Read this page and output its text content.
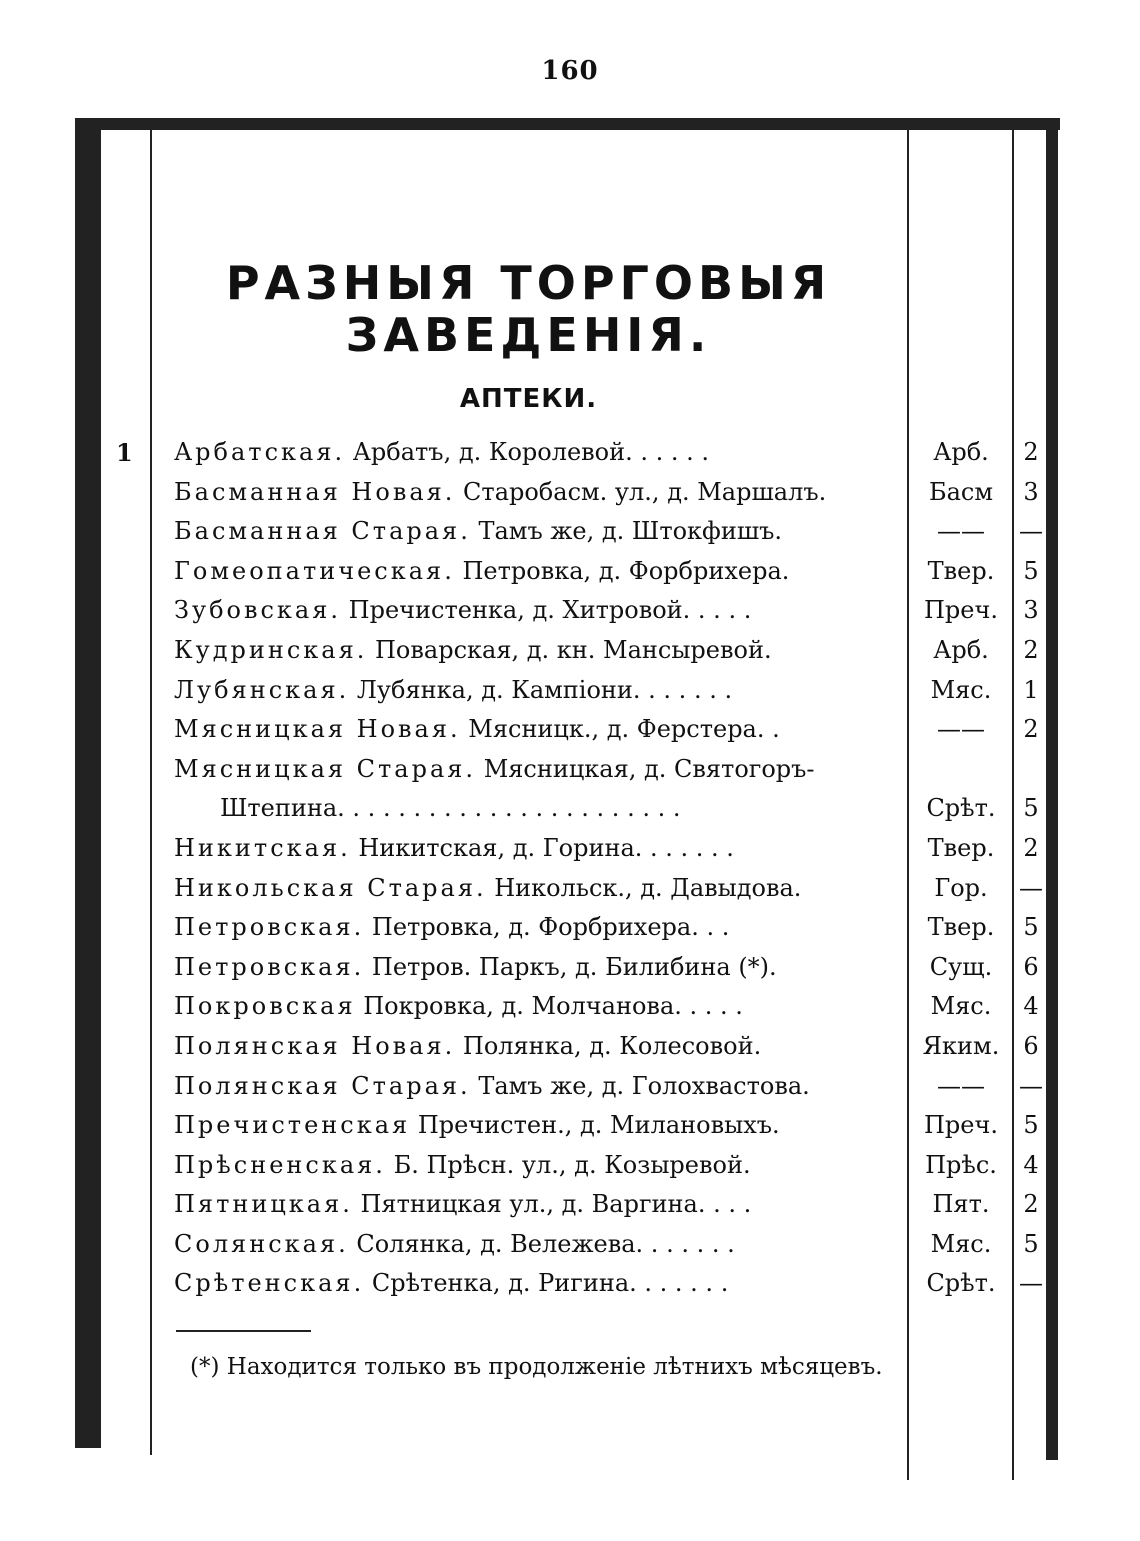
160
РАЗНЫЯ ТОРГОВЫЯ
ЗАВЕДЕНІЯ.
АПТЕКИ.
1 Арбатская. Арбатъ, д. Королевой. . . . . .	Арб.	2
Басманная Новая. Старобасм. ул., д. Маршалъ.	Басм	3
Басманная Старая. Тамъ же, д. Штокфишъ.	——	—
Гомеопатическая. Петровка, д. Форбрихера.	Твер.	5
Зубовская. Пречистенка, д. Хитровой. . . . .	Преч.	3
Кудринская. Поварская, д. кн. Мансыревой.	Арб.	2
Лубянская. Лубянка, д. Кампіони. . . . . . .	Мяс.	1
Мясницкая Новая. Мясницк., д. Ферстера. .	——	2
Мясницкая Старая. Мясницкая, д. Святогоръ-
Штепина. . . . . . . . . . . . . . . . . . . . . . .	Срѣт.	5
Никитская. Никитская, д. Горина. . . . . . .	Твер.	2
Никольская Старая. Никольск., д. Давыдова.	Гор.	—
Петровская. Петровка, д. Форбрихера. . .	Твер.	5
Петровская. Петров. Паркъ, д. Билибина (*).	Сущ.	6
Покровская Покровка, д. Молчанова. . . . .	Мяс.	4
Полянская Новая. Полянка, д. Колесовой.	Яким.	6
Полянская Старая. Тамъ же, д. Голохвастова.	——	—
Пречистенская Пречистен., д. Милановыхъ.	Преч.	5
Прѣсненская. Б. Прѣсн. ул., д. Козыревой.	Прѣс.	4
Пятницкая. Пятницкая ул., д. Варгина. . . .	Пят.	2
Солянская. Солянка, д. Вележева. . . . . . .	Мяс.	5
Срѣтенская. Срѣтенка, д. Ригина. . . . . . .	Срѣт. —
(*) Находится только въ продолженіе лѣтнихъ мѣсяцевъ.
